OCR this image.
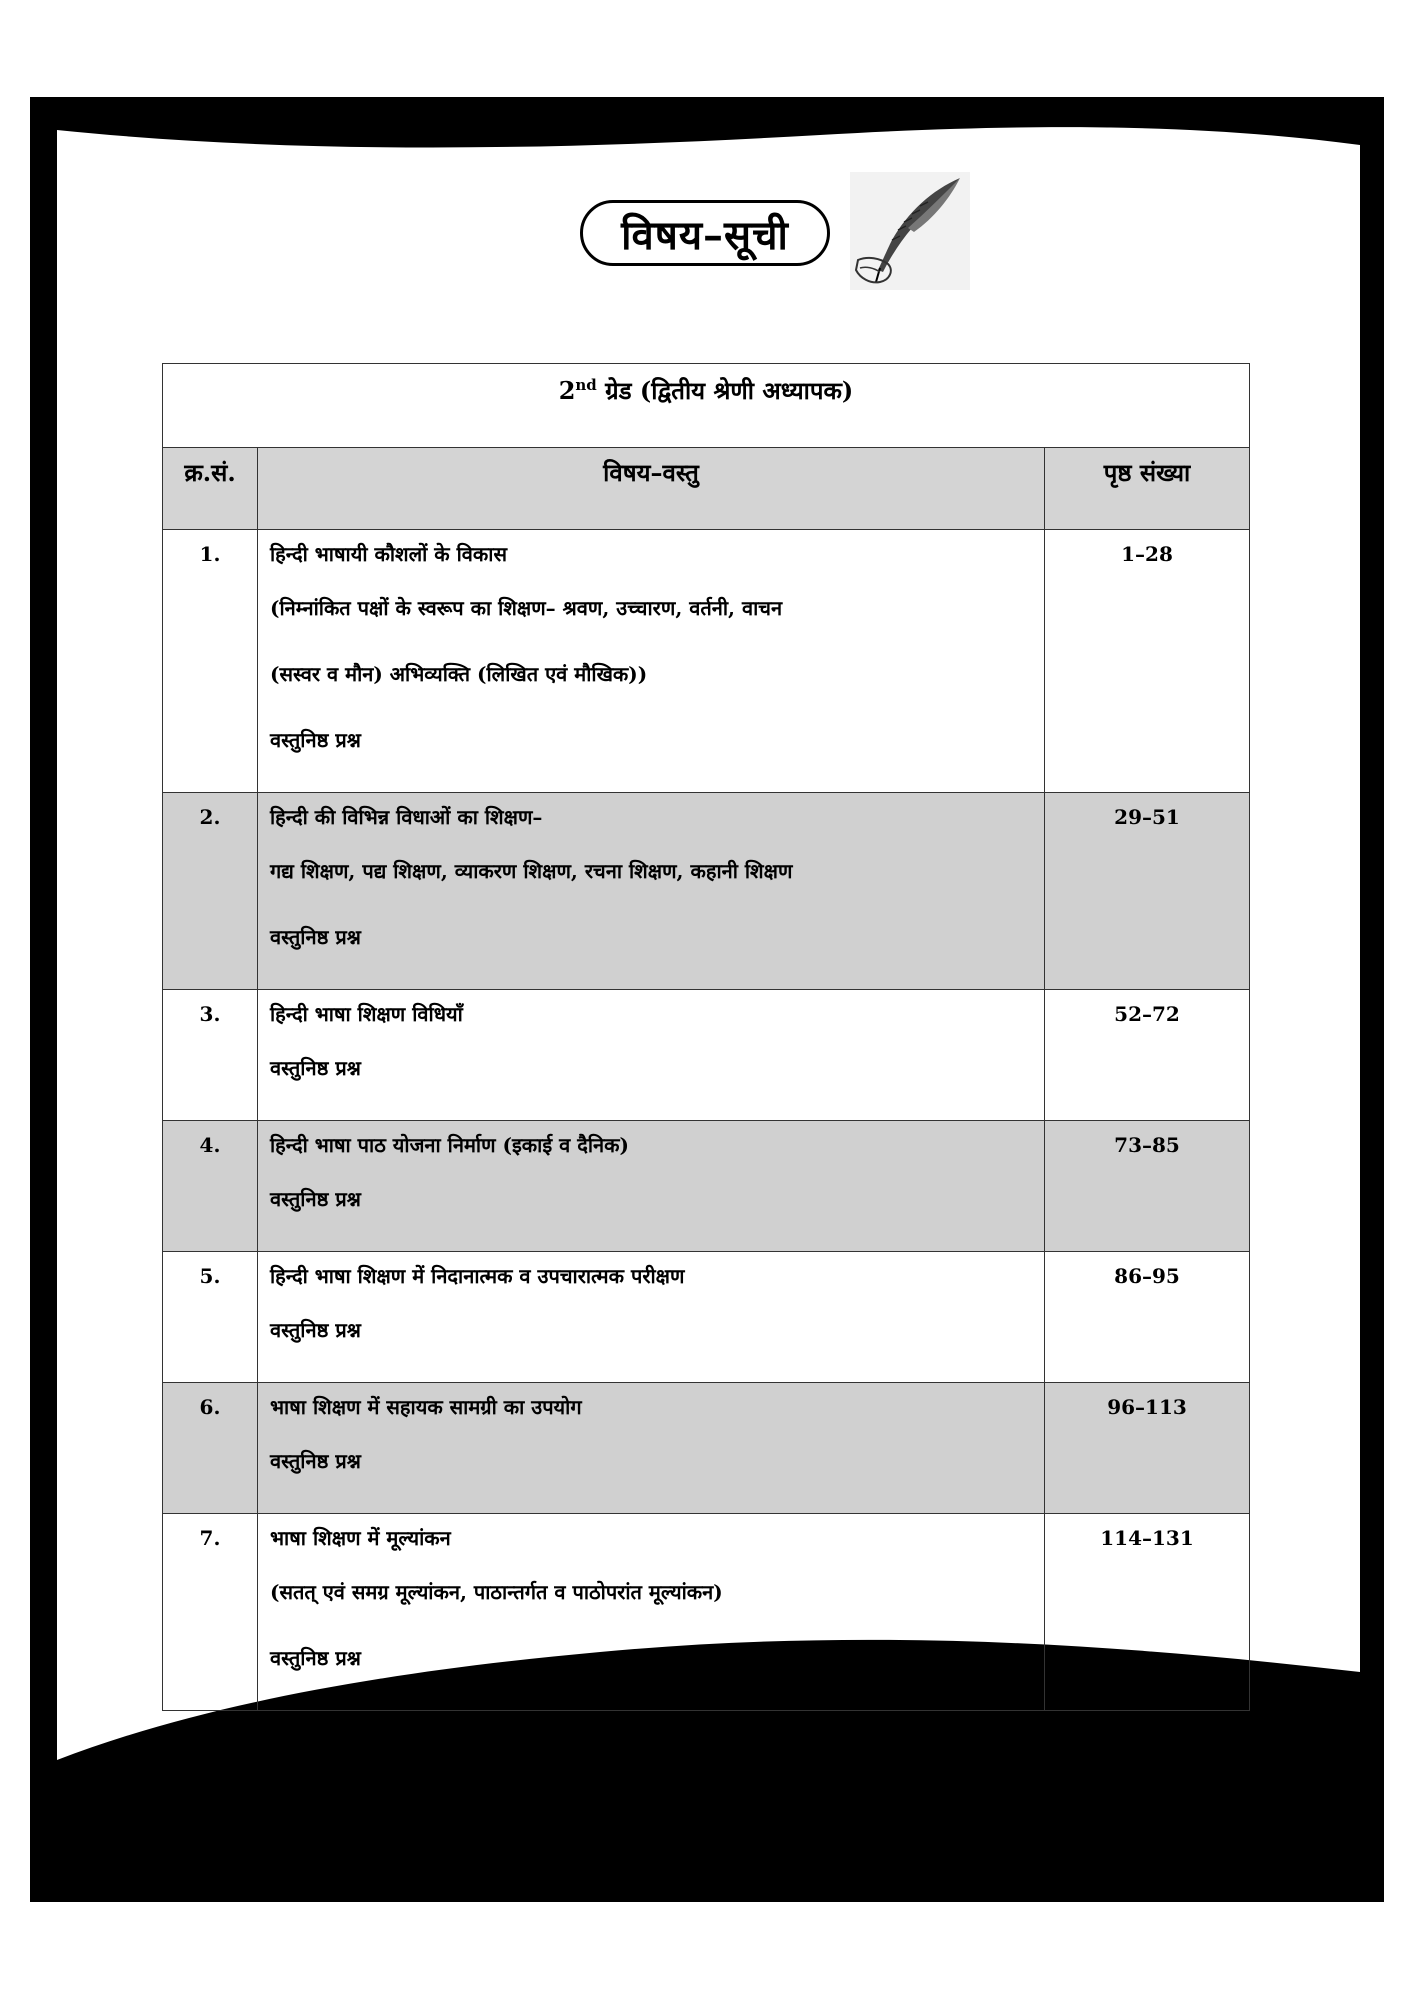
विषय–सूची
2nd ग्रेड (द्वितीय श्रेणी अध्यापक)		
क्र.सं.	विषय–वस्तु	पृष्ठ संख्या
1.	हिन्दी भाषायी कौशलों के विकास

(निम्नांकित पक्षों के स्वरूप का शिक्षण– श्रवण, उच्चारण, वर्तनी, वाचन

(सस्वर व मौन) अभिव्यक्ति (लिखित एवं मौखिक))

वस्तुनिष्ठ प्रश्न	1–28
2.	हिन्दी की विभिन्न विधाओं का शिक्षण–

गद्य शिक्षण, पद्य शिक्षण, व्याकरण शिक्षण, रचना शिक्षण, कहानी शिक्षण

वस्तुनिष्ठ प्रश्न	29–51
3.	हिन्दी भाषा शिक्षण विधियाँ

वस्तुनिष्ठ प्रश्न	52–72
4.	हिन्दी भाषा पाठ योजना निर्माण (इकाई व दैनिक)

वस्तुनिष्ठ प्रश्न	73–85
5.	हिन्दी भाषा शिक्षण में निदानात्मक व उपचारात्मक परीक्षण

वस्तुनिष्ठ प्रश्न	86–95
6.	भाषा शिक्षण में सहायक सामग्री का उपयोग

वस्तुनिष्ठ प्रश्न	96–113
7.	भाषा शिक्षण में मूल्यांकन

(सतत् एवं समग्र मूल्यांकन, पाठान्तर्गत व पाठोपरांत मूल्यांकन)

वस्तुनिष्ठ प्रश्न	114–131
